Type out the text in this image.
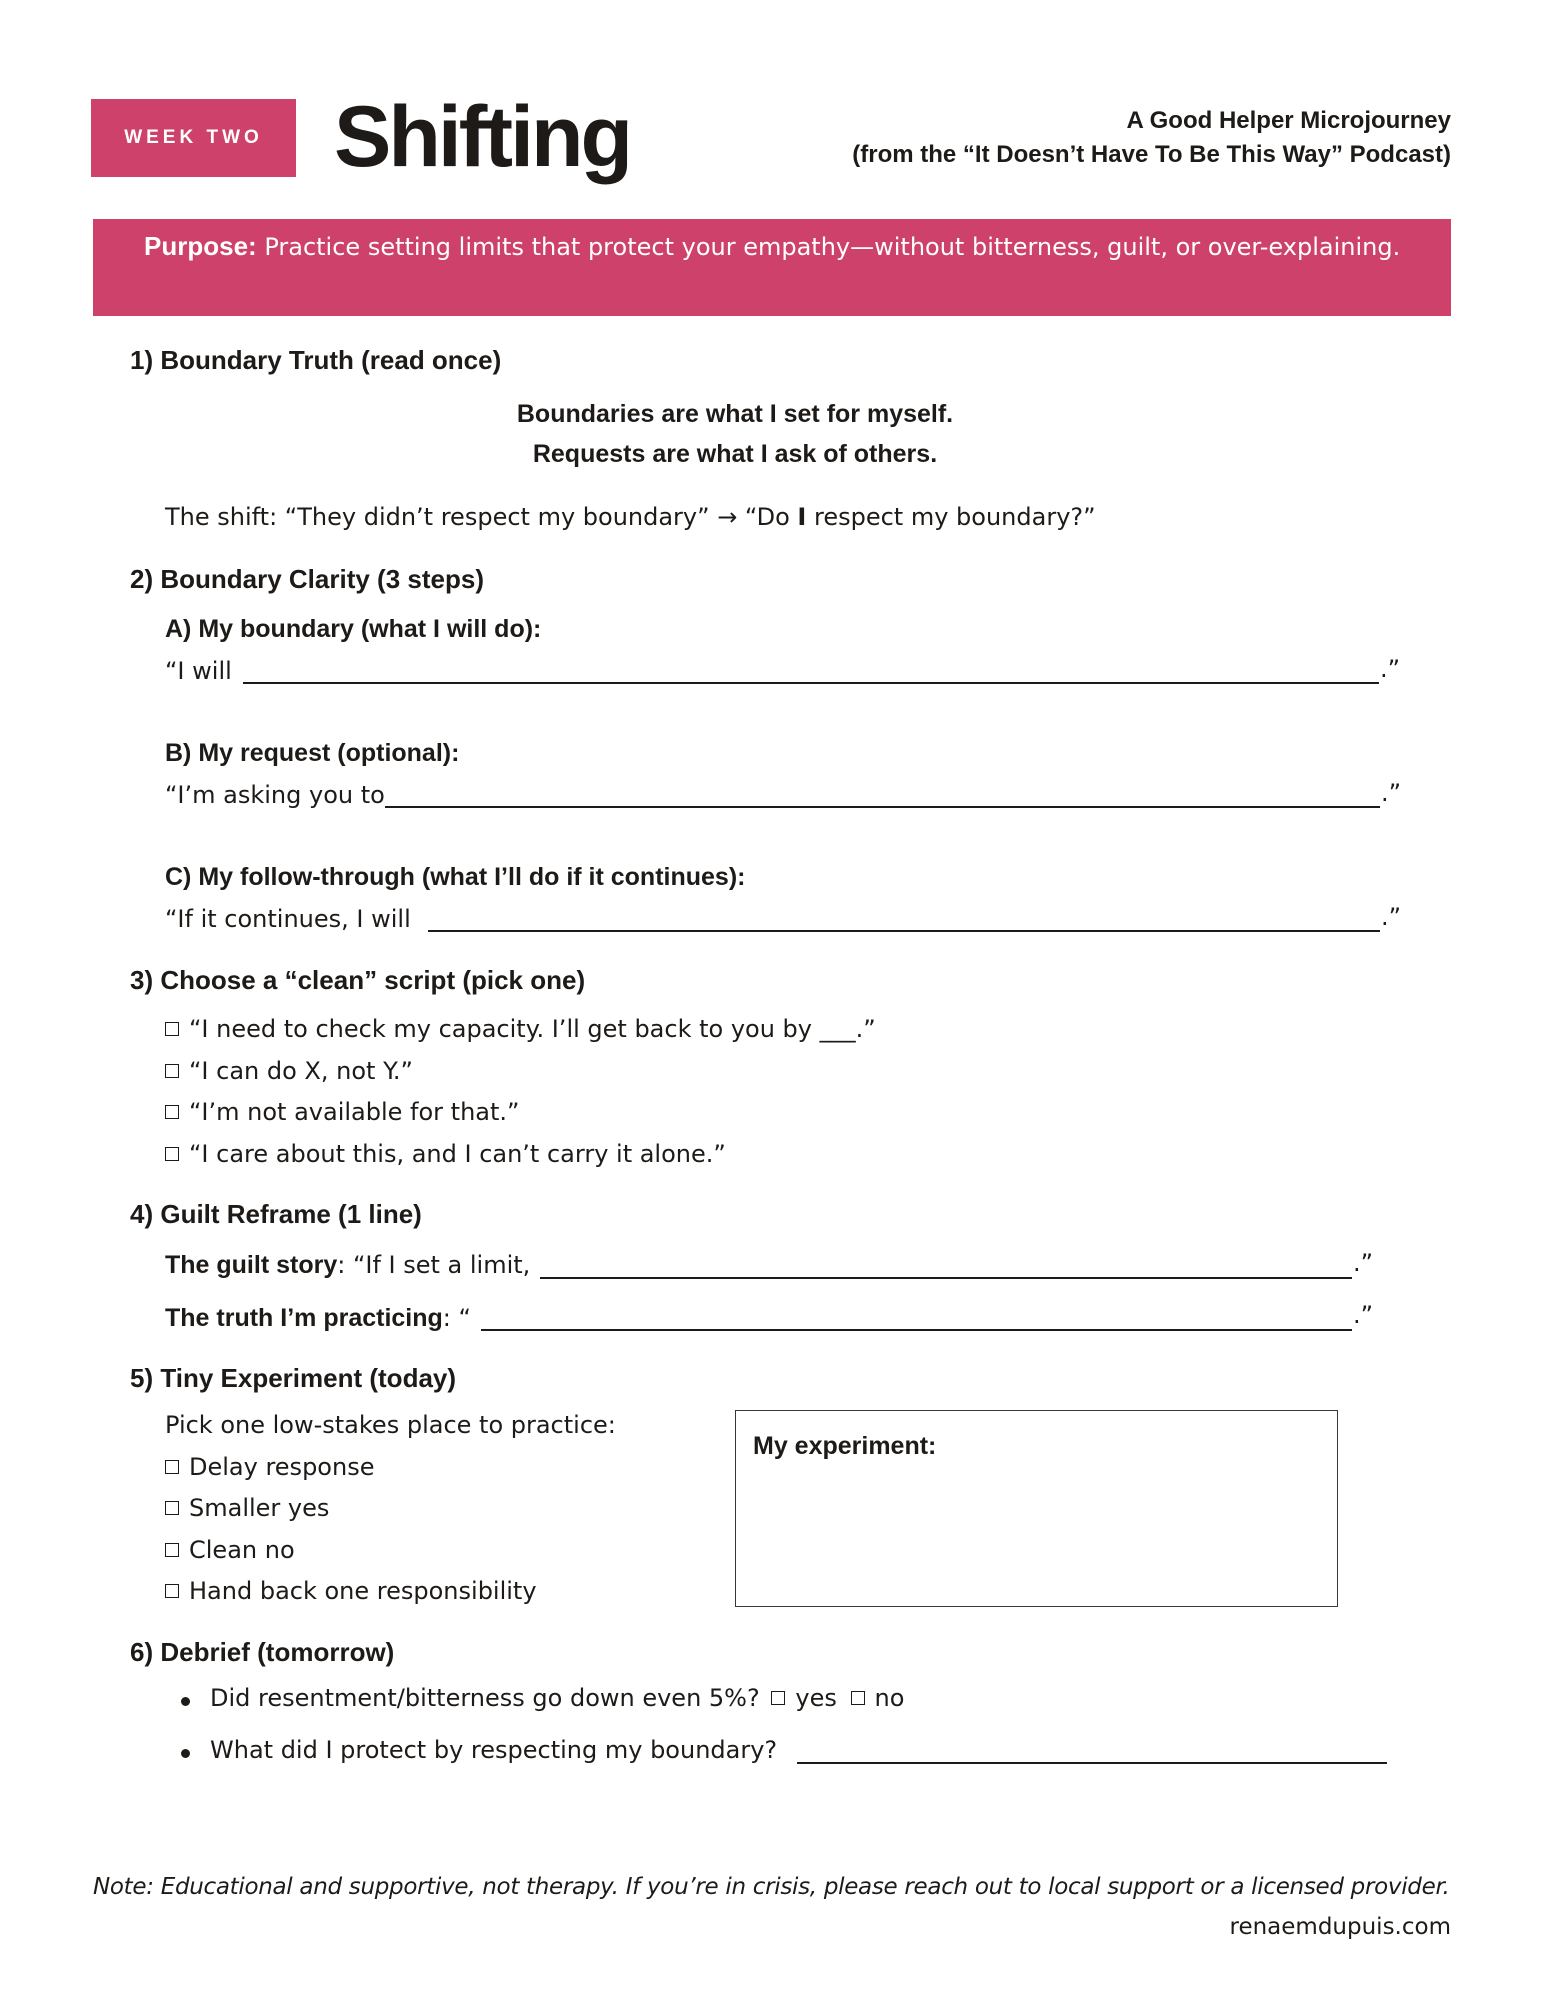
WEEK TWO Shifting	A Good Helper Microjourney
(from the “It Doesn’t Have To Be This Way” Podcast)
Purpose: Practice setting limits that protect your empathy—without bitterness, guilt, or over-explaining.
1) Boundary Truth (read once)
Boundaries are what I set for myself.
Requests are what I ask of others.
The shift: “They didn’t respect my boundary” → “Do I respect my boundary?”
2) Boundary Clarity (3 steps)
A) My boundary (what I will do):
“I will	.”
B) My request (optional):
“I’m asking you to	.”
C) My follow-through (what I’ll do if it continues):
“If it continues, I will	.”
3) Choose a “clean” script (pick one)
“I need to check my capacity. I’ll get back to you by ___.”
“I can do X, not Y.”
“I’m not available for that.”
“I care about this, and I can’t carry it alone.”
4) Guilt Reframe (1 line)
The guilt story: “If I set a limit,	.”
The truth I’m practicing: “	.”
5) Tiny Experiment (today)
Pick one low-stakes place to practice:
Delay response
Smaller yes
Clean no
Hand back one responsibility
My experiment:
6) Debrief (tomorrow)
Did resentment/bitterness go down even 5%? yes no
What did I protect by respecting my boundary?
Note: Educational and supportive, not therapy. If you’re in crisis, please reach out to local support or a licensed provider.
renaemdupuis.com
